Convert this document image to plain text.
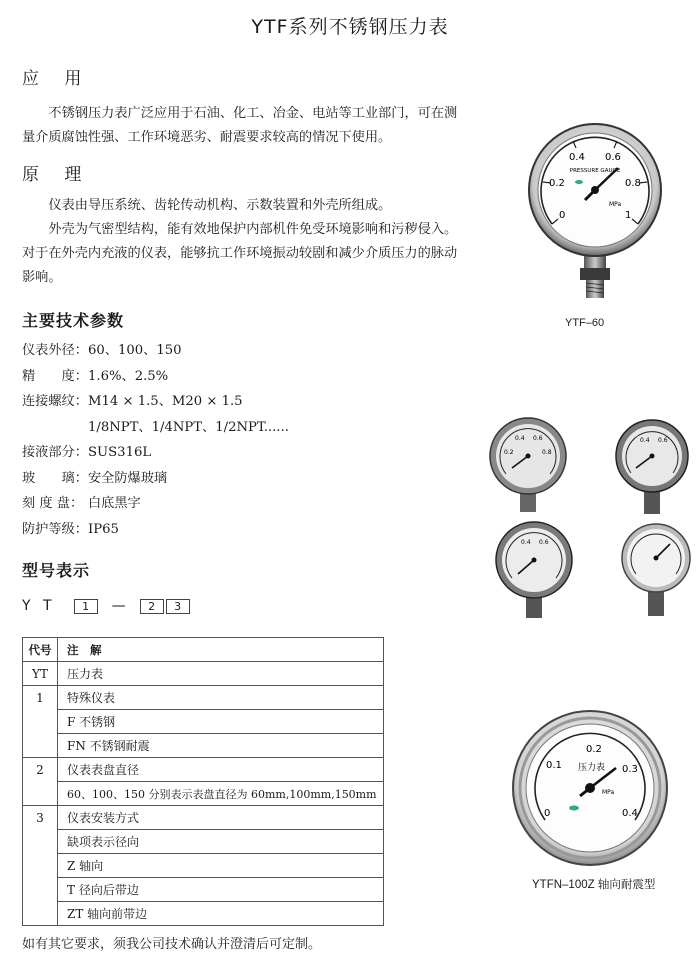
YTF系列不锈钢压力表
应 用
不锈钢压力表广泛应用于石油、化工、冶金、电站等工业部门，可在测量介质腐蚀性强、工作环境恶劣、耐震要求较高的情况下使用。
原 理
仪表由导压系统、齿轮传动机构、示数装置和外壳所组成。
外壳为气密型结构，能有效地保护内部机件免受环境影响和污秽侵入。对于在外壳内充液的仪表，能够抗工作环境振动较剧和减少介质压力的脉动影响。
主要技术参数
仪表外径：60、100、150
精　　度：1.6%、2.5%
连接螺纹：M14 × 1.5、M20 × 1.5
1/8NPT、1/4NPT、1/2NPT......
接液部分：SUS316L
玻　　璃：安全防爆玻璃
刻 度 盘： 白底黑字
防护等级：IP65
型号表示
Y T	1	—	2	3
代号	注　解
YT	压力表
1	特殊仪表
	F 不锈钢
	FN 不锈钢耐震
2	仪表表盘直径
	60、100、150 分别表示表盘直径为 60mm,100mm,150mm
3	仪表安装方式
	缺项表示径向
	Z 轴向
	T 径向后带边
	ZT 轴向前带边
如有其它要求，须我公司技术确认并澄清后可定制。
0.4 0.6
0.2	0.8
0	1
PRESSURE GAUGE
MPa
YTF–60
0.4 0.6
0.2	0.8
0.4 0.6
0.4 0.6
0.2
0.1	0.3
0	0.4
压力表
MPa
YTFN–100Z 轴向耐震型
